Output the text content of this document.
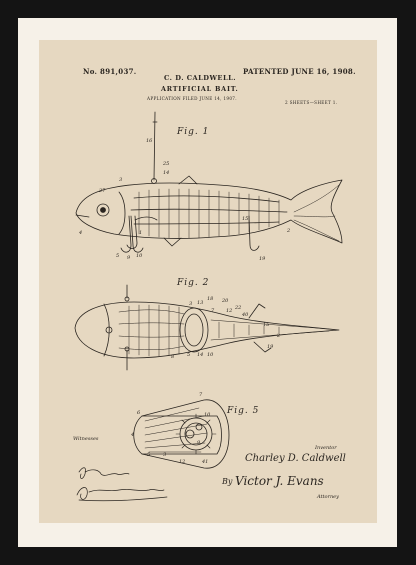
No. 891,037.
C. D. CALDWELL.
ARTIFICIAL BAIT.
PATENTED JUNE 16, 1908.
APPLICATION FILED JUNE 14, 1907.
2 SHEETS—SHEET 1.
Fig. 1
Fig. 2
Fig. 5
16
25
14
3
27
4	1
5 9 10
15
2
19
20
18
13
3
7 12 22
40
5 14
8	10
15
2
19
7
6
4
9
10
5	3
12	41
Witnesses
Inventor
Charley D. Caldwell
By Victor J. Evans
Attorney
